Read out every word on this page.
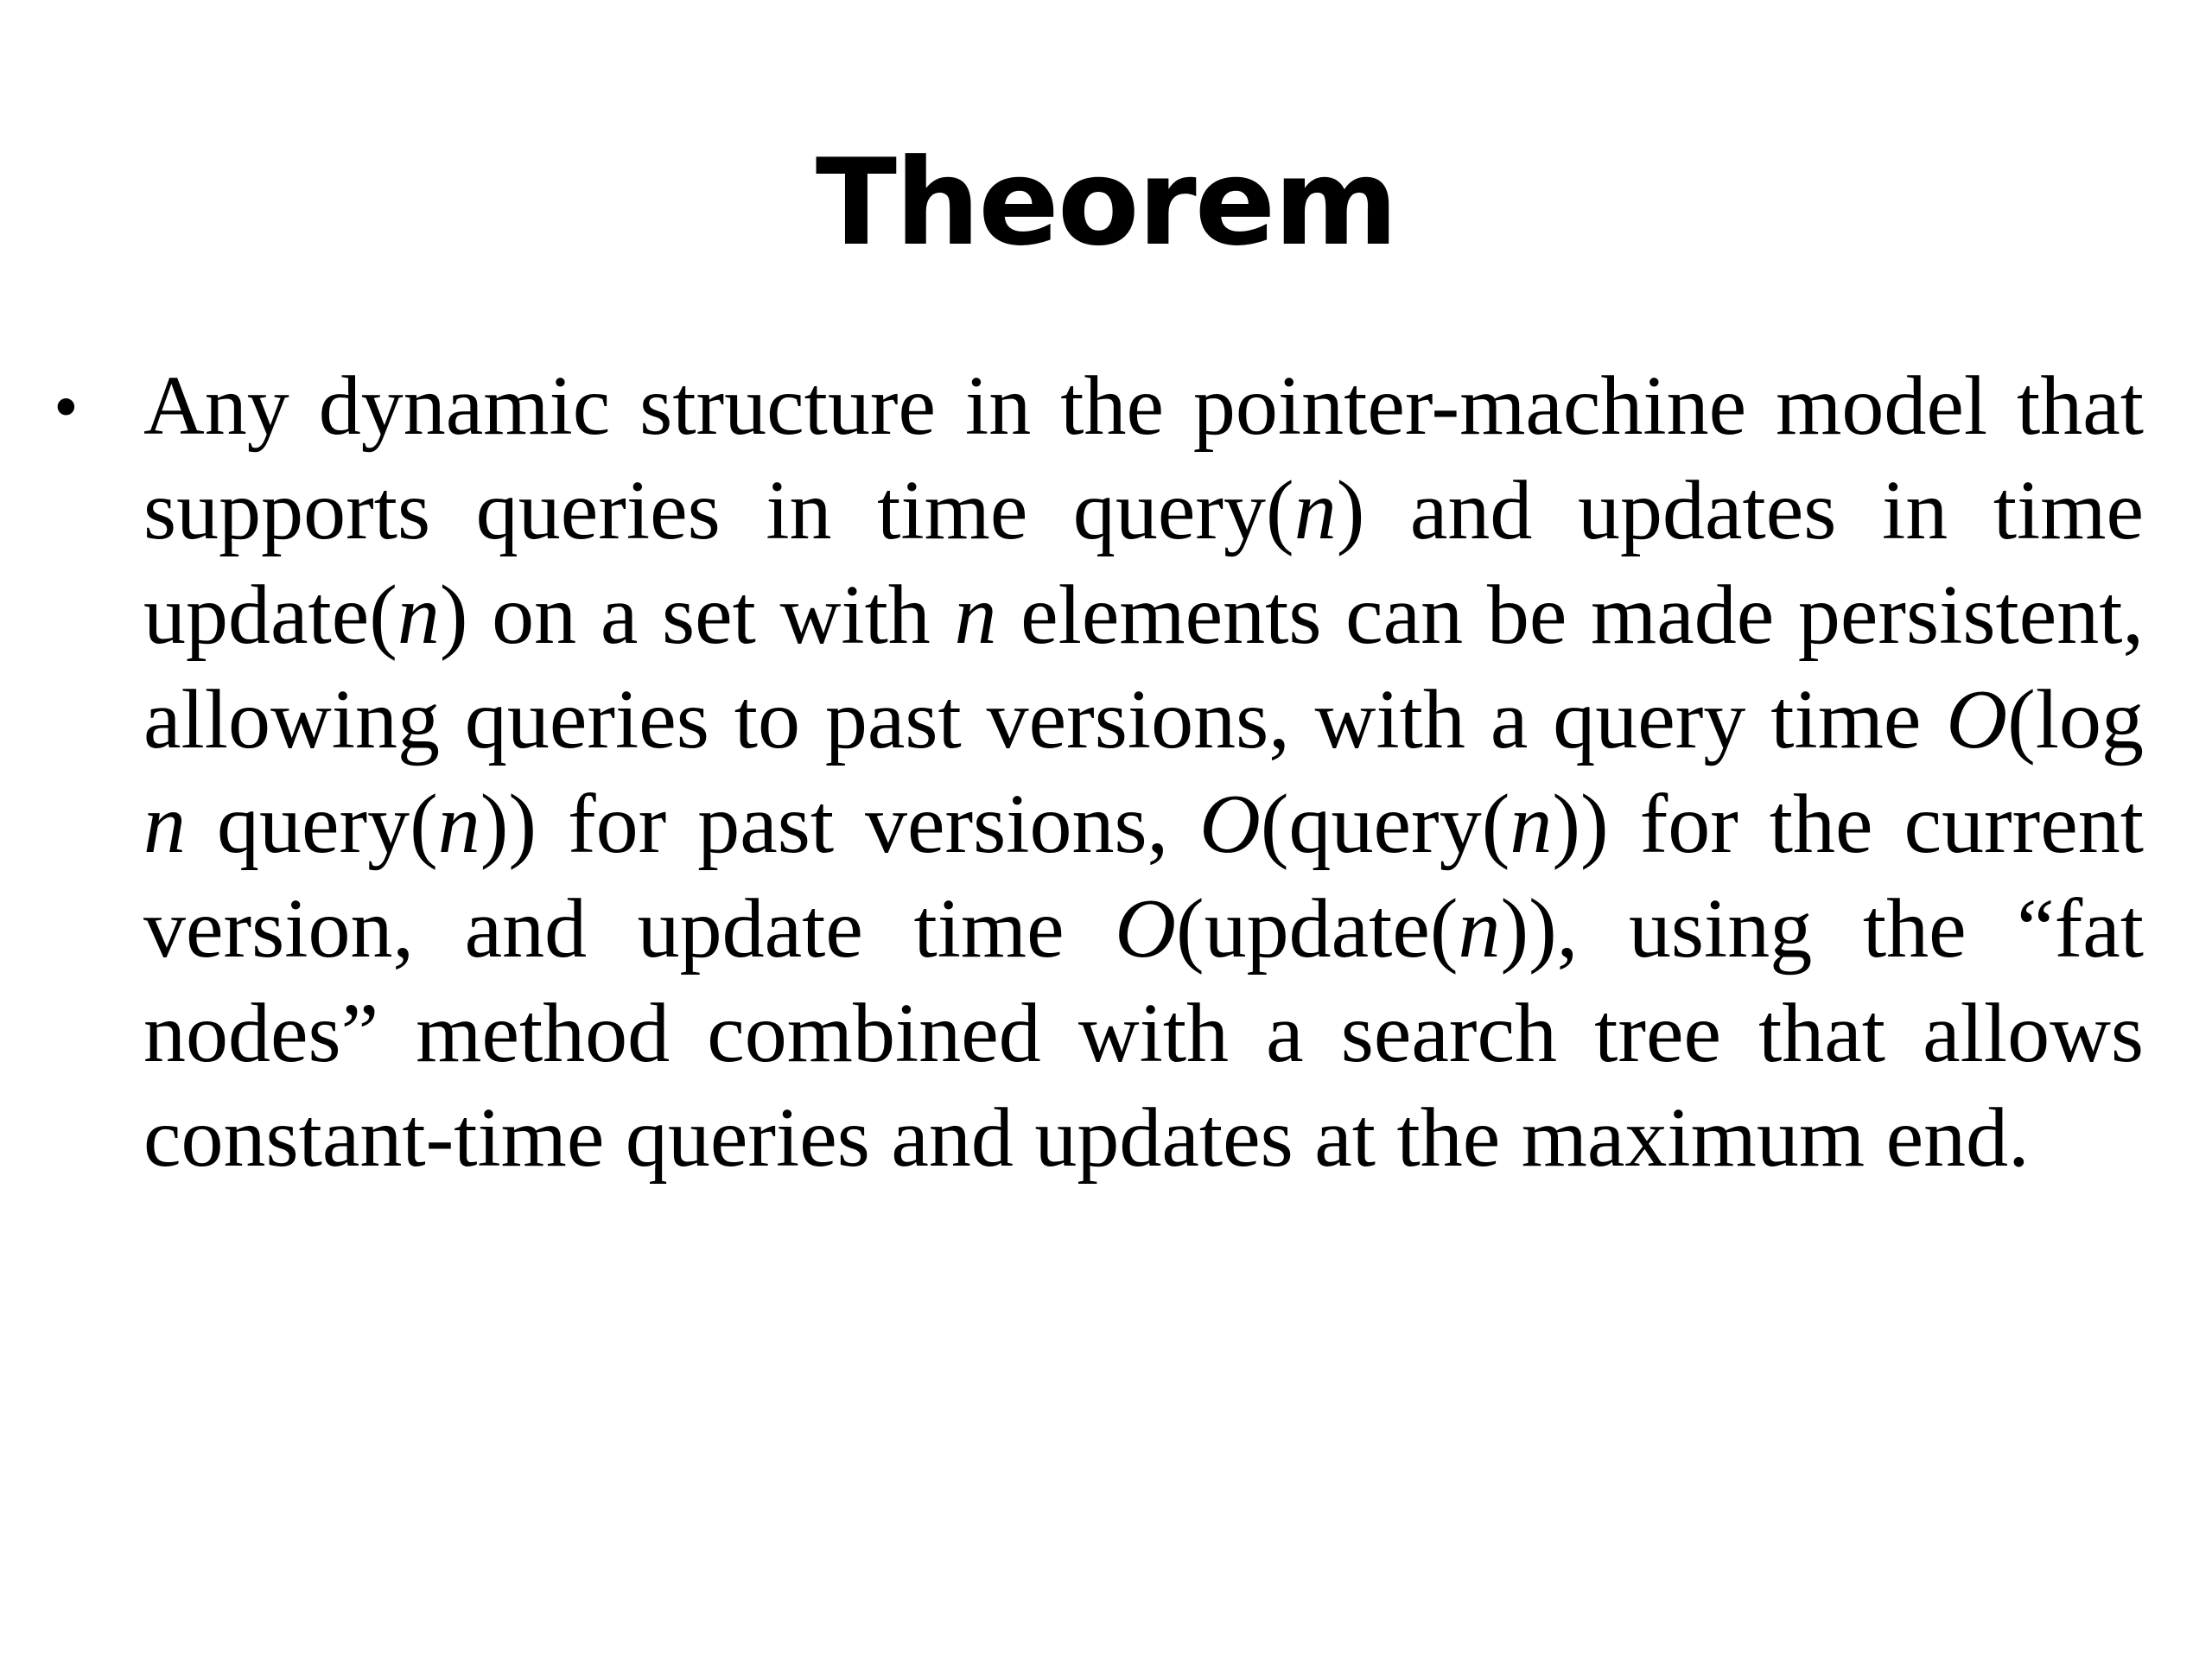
Theorem
• Any dynamic structure in the pointer-machine model that supports queries in time query(n) and updates in time update(n) on a set with n elements can be made persistent, allowing queries to past versions, with a query time O(log n query(n)) for past versions, O(query(n)) for the current version, and update time O(update(n)), using the “fat nodes” method combined with a search tree that allows constant-time queries and updates at the maximum end.
